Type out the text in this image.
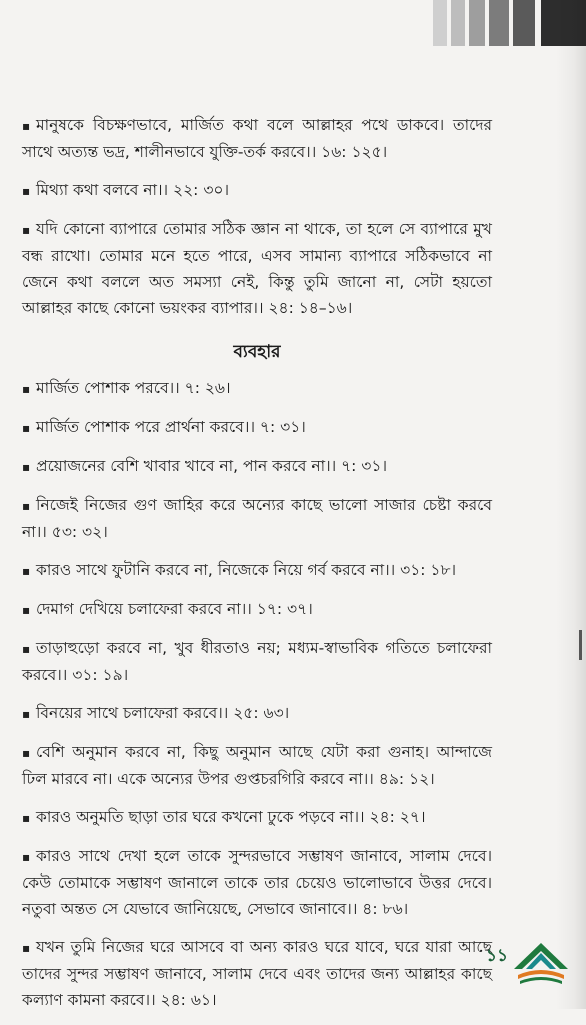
▪ মানুষকে বিচক্ষণভাবে, মার্জিত কথা বলে আল্লাহর পথে ডাকবে। তাদের সাথে অত্যন্ত ভদ্র, শালীনভাবে যুক্তি-তর্ক করবে।। ১৬: ১২৫।
▪ মিথ্যা কথা বলবে না।। ২২: ৩০।
▪ যদি কোনো ব্যাপারে তোমার সঠিক জ্ঞান না থাকে, তা হলে সে ব্যাপারে মুখ বন্ধ রাখো। তোমার মনে হতে পারে, এসব সামান্য ব্যাপারে সঠিকভাবে না জেনে কথা বললে অত সমস্যা নেই, কিন্তু তুমি জানো না, সেটা হয়তো আল্লাহর কাছে কোনো ভয়ংকর ব্যাপার।। ২৪: ১৪–১৬।
ব্যবহার
▪ মার্জিত পোশাক পরবে।। ৭: ২৬।
▪ মার্জিত পোশাক পরে প্রার্থনা করবে।। ৭: ৩১।
▪ প্রয়োজনের বেশি খাবার খাবে না, পান করবে না।। ৭: ৩১।
▪ নিজেই নিজের গুণ জাহির করে অন্যের কাছে ভালো সাজার চেষ্টা করবে না।। ৫৩: ৩২।
▪ কারও সাথে ফুটানি করবে না, নিজেকে নিয়ে গর্ব করবে না।। ৩১: ১৮।
▪ দেমাগ দেখিয়ে চলাফেরা করবে না।। ১৭: ৩৭।
▪ তাড়াহুড়ো করবে না, খুব ধীরতাও নয়; মধ্যম-স্বাভাবিক গতিতে চলাফেরা করবে।। ৩১: ১৯।
▪ বিনয়ের সাথে চলাফেরা করবে।। ২৫: ৬৩।
▪ বেশি অনুমান করবে না, কিছু অনুমান আছে যেটা করা গুনাহ। আন্দাজে ঢিল মারবে না। একে অন্যের উপর গুপ্তচরগিরি করবে না।। ৪৯: ১২।
▪ কারও অনুমতি ছাড়া তার ঘরে কখনো ঢুকে পড়বে না।। ২৪: ২৭।
▪ কারও সাথে দেখা হলে তাকে সুন্দরভাবে সম্ভাষণ জানাবে, সালাম দেবে। কেউ তোমাকে সম্ভাষণ জানালে তাকে তার চেয়েও ভালোভাবে উত্তর দেবে। নতুবা অন্তত সে যেভাবে জানিয়েছে, সেভাবে জানাবে।। ৪: ৮৬।
▪ যখন তুমি নিজের ঘরে আসবে বা অন্য কারও ঘরে যাবে, ঘরে যারা আছে তাদের সুন্দর সম্ভাষণ জানাবে, সালাম দেবে এবং তাদের জন্য আল্লাহর কাছে কল্যাণ কামনা করবে।। ২৪: ৬১।
১১
